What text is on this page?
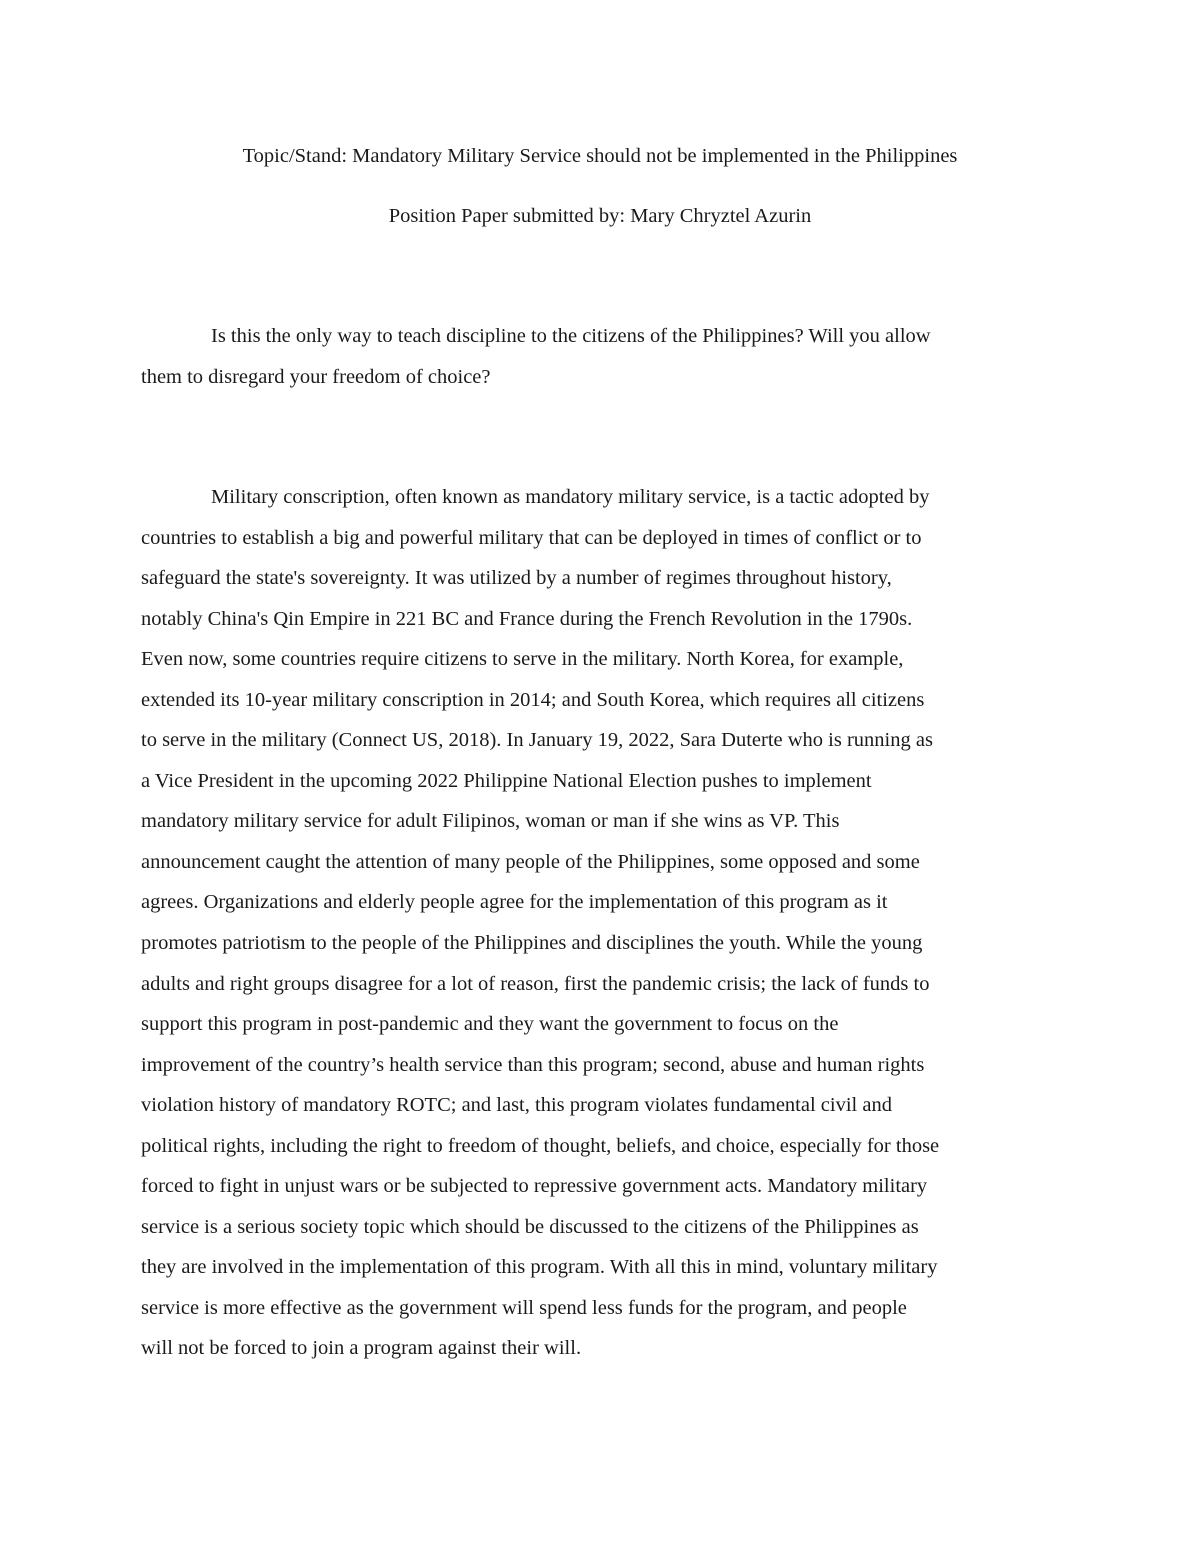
Topic/Stand: Mandatory Military Service should not be implemented in the Philippines
Position Paper submitted by: Mary Chryztel Azurin

Is this the only way to teach discipline to the citizens of the Philippines? Will you allow
them to disregard your freedom of choice?

Military conscription, often known as mandatory military service, is a tactic adopted by
countries to establish a big and powerful military that can be deployed in times of conflict or to
safeguard the state's sovereignty. It was utilized by a number of regimes throughout history,
notably China's Qin Empire in 221 BC and France during the French Revolution in the 1790s.
Even now, some countries require citizens to serve in the military. North Korea, for example,
extended its 10-year military conscription in 2014; and South Korea, which requires all citizens
to serve in the military (Connect US, 2018). In January 19, 2022, Sara Duterte who is running as
a Vice President in the upcoming 2022 Philippine National Election pushes to implement
mandatory military service for adult Filipinos, woman or man if she wins as VP. This
announcement caught the attention of many people of the Philippines, some opposed and some
agrees. Organizations and elderly people agree for the implementation of this program as it
promotes patriotism to the people of the Philippines and disciplines the youth. While the young
adults and right groups disagree for a lot of reason, first the pandemic crisis; the lack of funds to
support this program in post-pandemic and they want the government to focus on the
improvement of the country’s health service than this program; second, abuse and human rights
violation history of mandatory ROTC; and last, this program violates fundamental civil and
political rights, including the right to freedom of thought, beliefs, and choice, especially for those
forced to fight in unjust wars or be subjected to repressive government acts. Mandatory military
service is a serious society topic which should be discussed to the citizens of the Philippines as
they are involved in the implementation of this program. With all this in mind, voluntary military
service is more effective as the government will spend less funds for the program, and people
will not be forced to join a program against their will.
